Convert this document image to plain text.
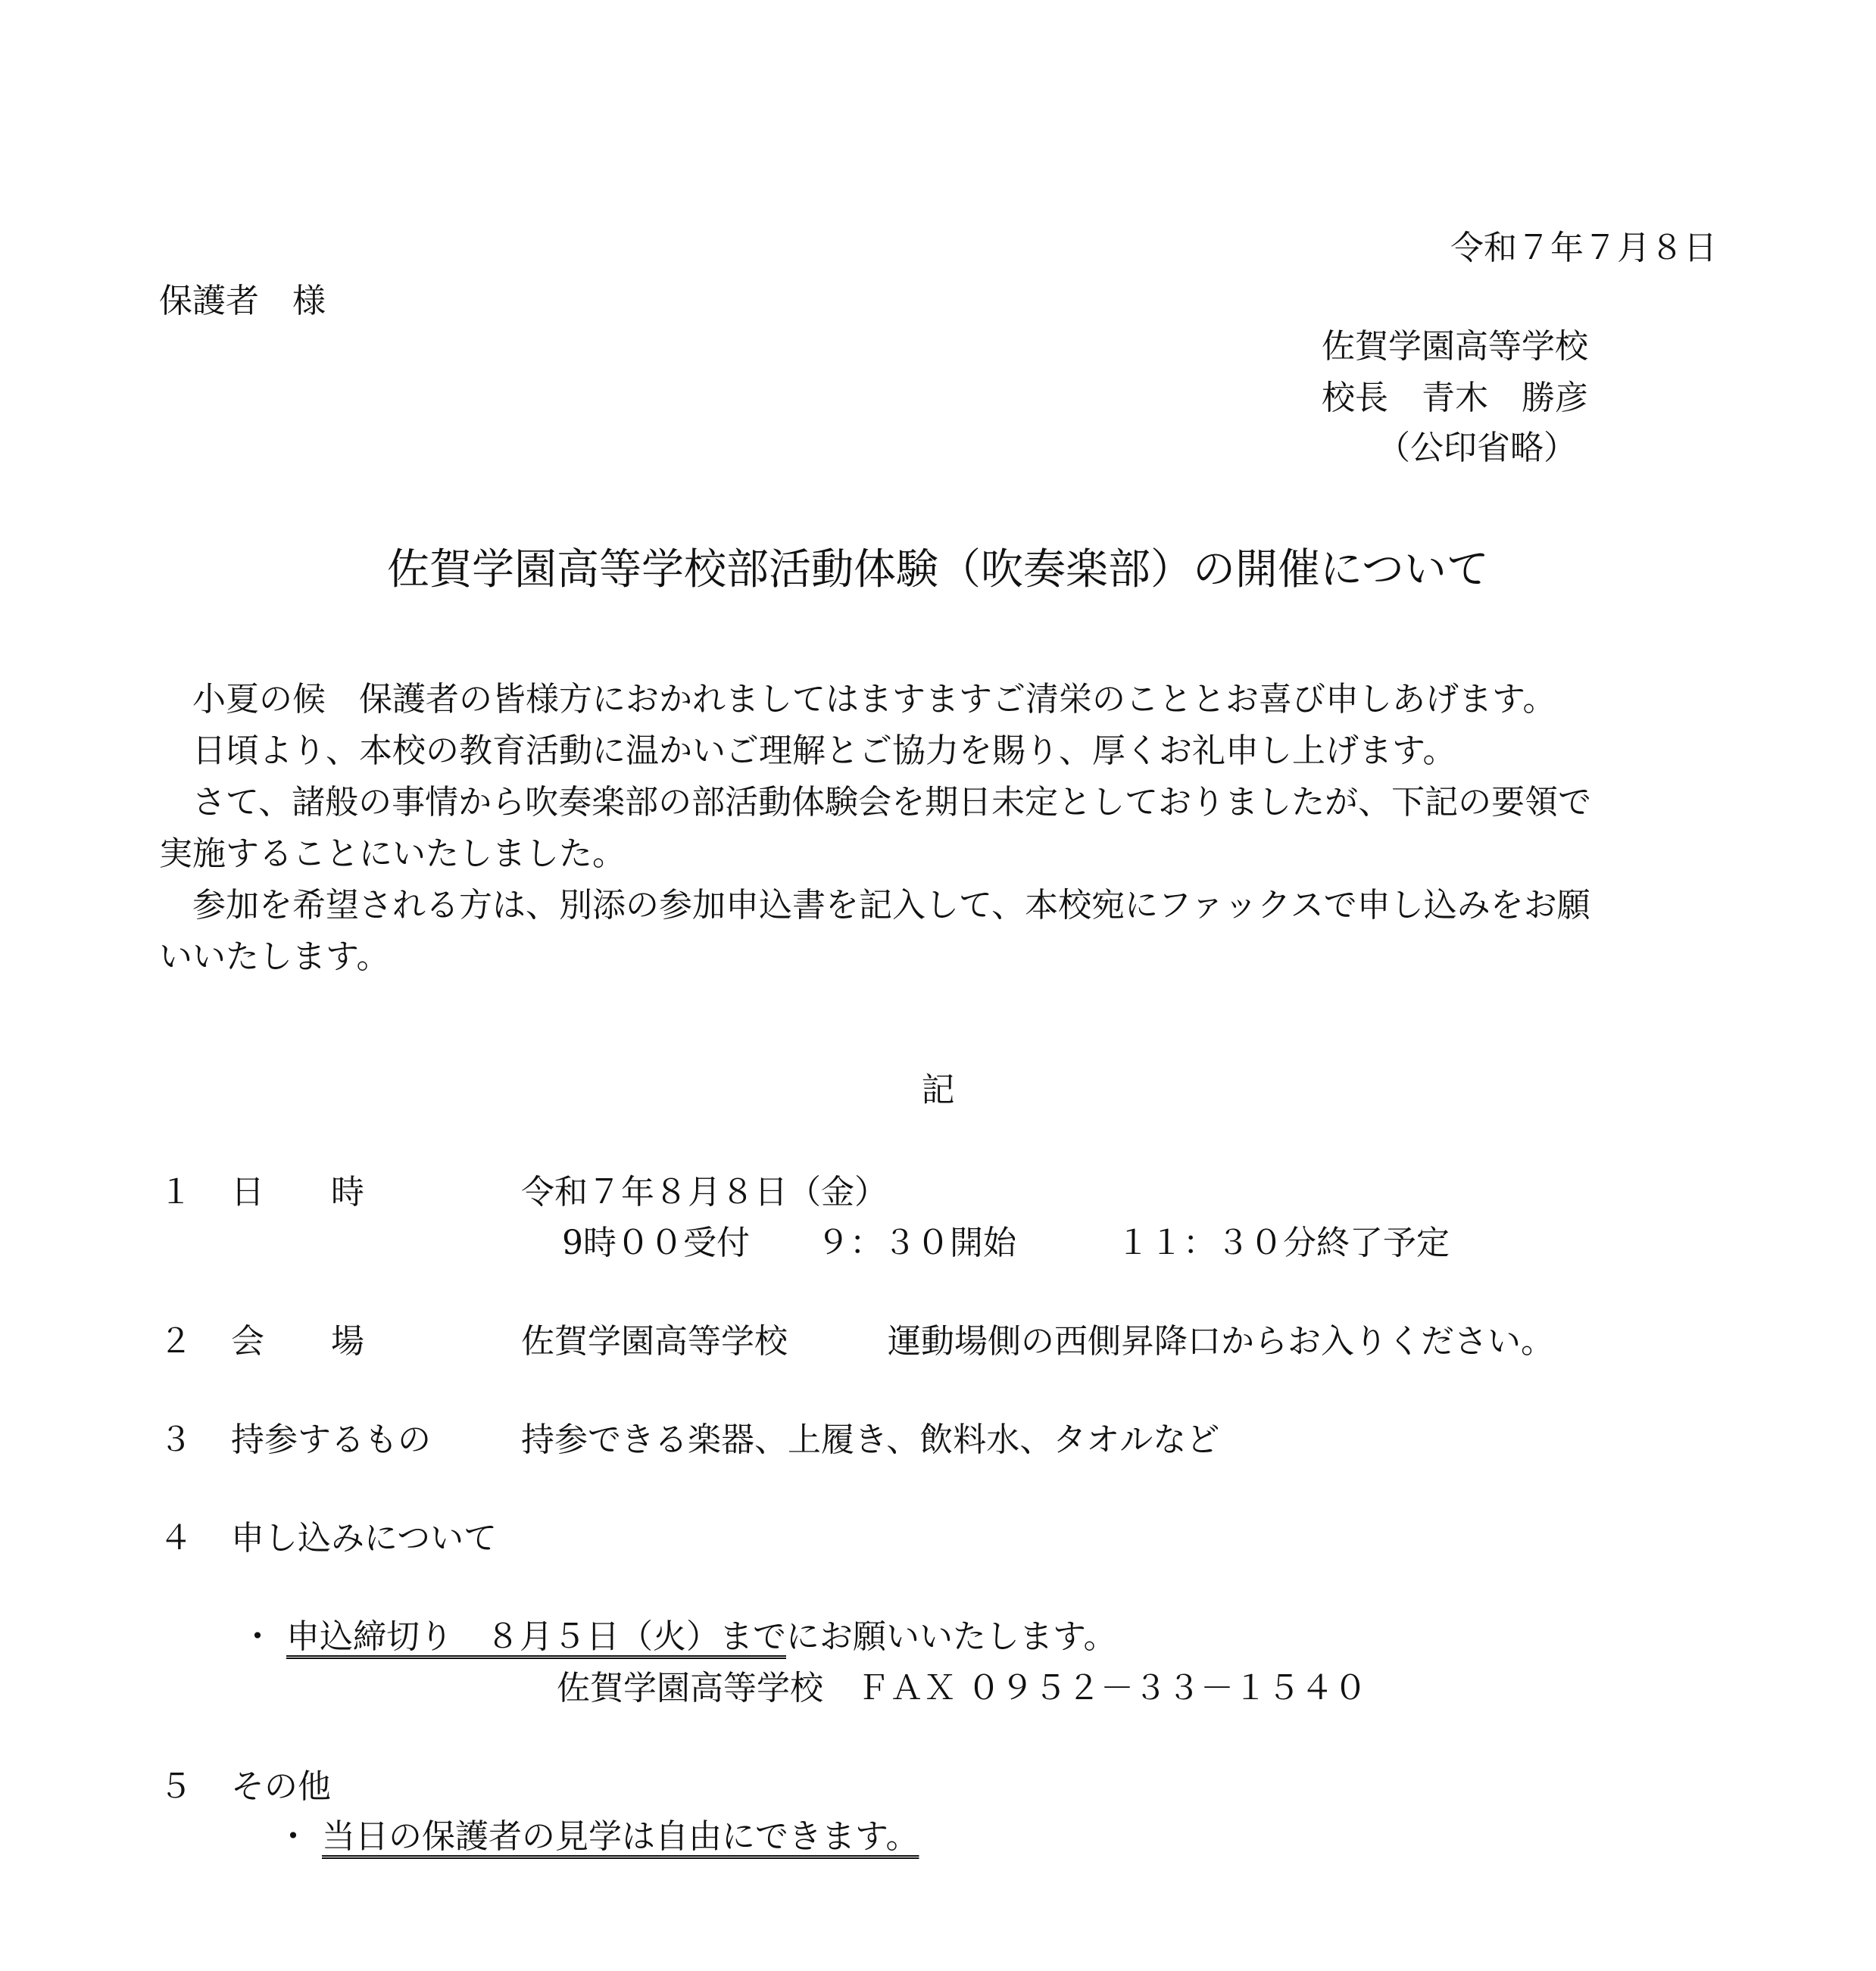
令和７年７月８日
保護者　様
佐賀学園高等学校
校長　青木　勝彦
（公印省略）
佐賀学園高等学校部活動体験（吹奏楽部）の開催について

小夏の候　保護者の皆様方におかれましてはますますご清栄のこととお喜び申しあげます。

日頃より、本校の教育活動に温かいご理解とご協力を賜り、厚くお礼申し上げます。

さて、諸般の事情から吹奏楽部の部活動体験会を期日未定としておりましたが、下記の要領で

実施することにいたしました。

参加を希望される方は、別添の参加申込書を記入して、本校宛にファックスで申し込みをお願

いいたします。

記
１ 日　　時	令和７年８月８日（金）
9時００受付　　９：３０開始　　　１１：３０分終了予定
２ 会　　場	佐賀学園高等学校　　　運動場側の西側昇降口からお入りください。
３ 持参するもの	持参できる楽器、上履き、飲料水、タオルなど
４ 申し込みについて
・ 申込締切り　８月５日（火）までにお願いいたします。
佐賀学園高等学校　ＦＡＸ ０９５２－３３－１５４０
５ その他
・ 当日の保護者の見学は自由にできます。
